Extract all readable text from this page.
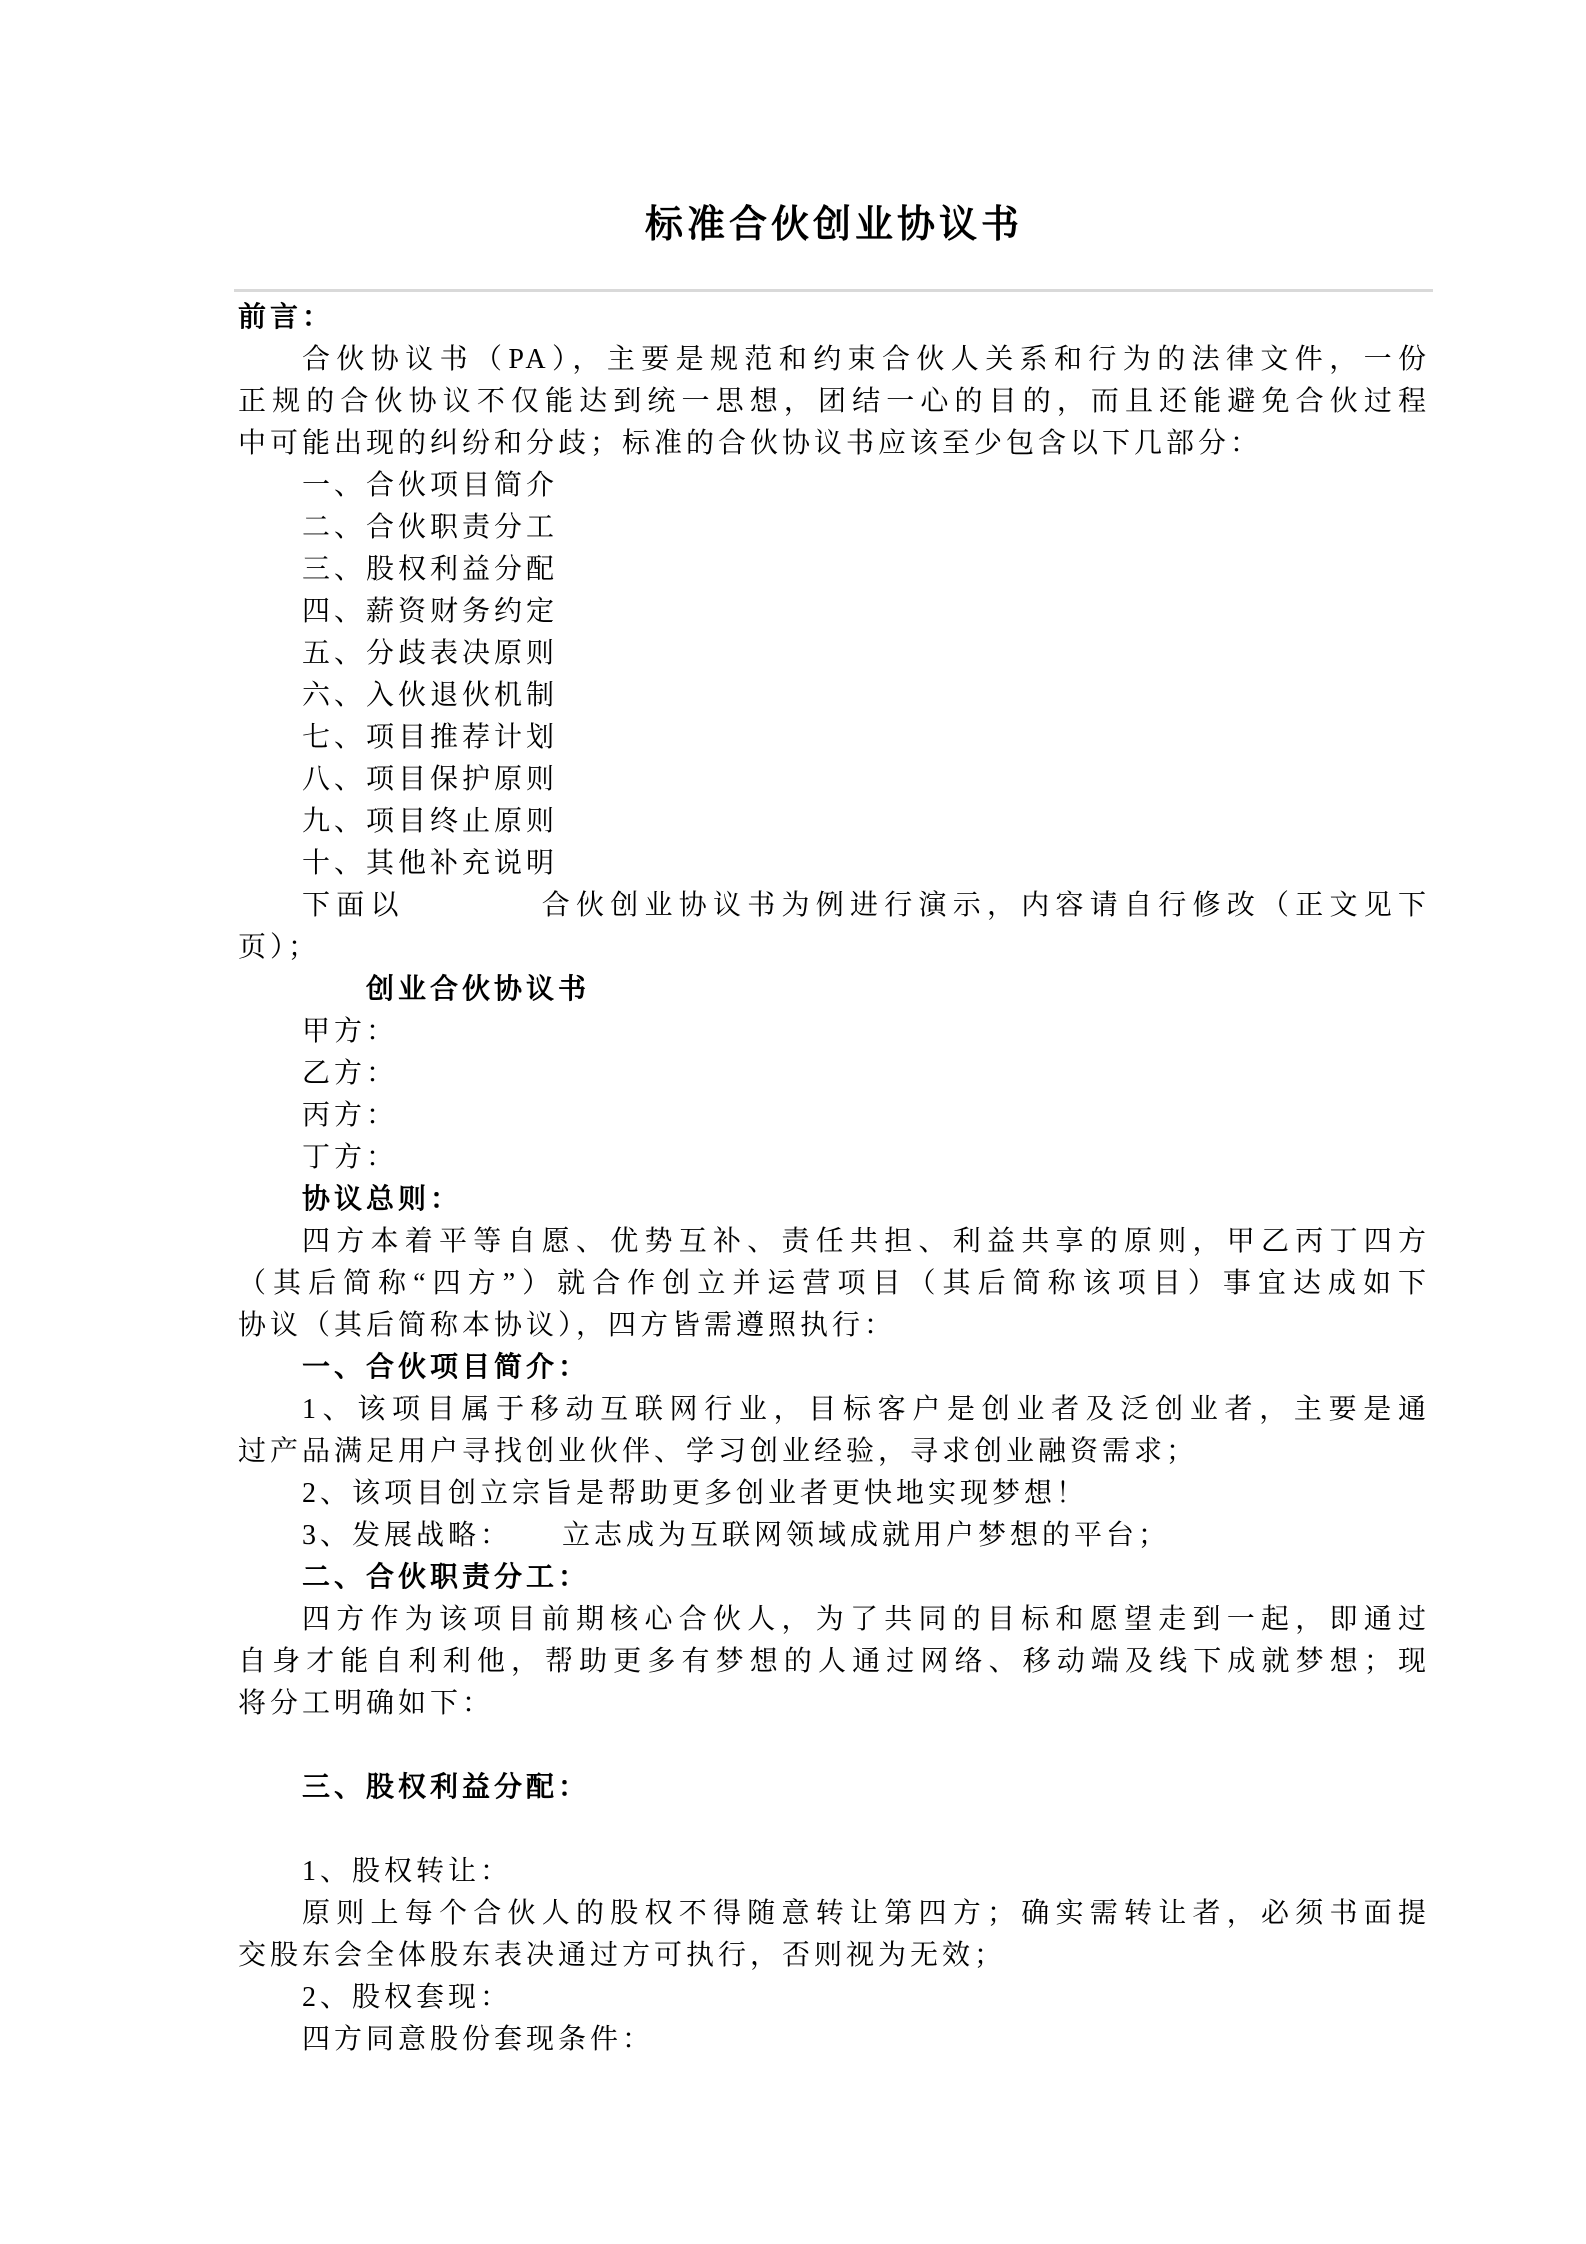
标准合伙创业协议书
前言：
合伙协议书（PA），主要是规范和约束合伙人关系和行为的法律文件，一份
正规的合伙协议不仅能达到统一思想，团结一心的目的，而且还能避免合伙过程
中可能出现的纠纷和分歧；标准的合伙协议书应该至少包含以下几部分：
一、合伙项目简介
二、合伙职责分工
三、股权利益分配
四、薪资财务约定
五、分歧表决原则
六、入伙退伙机制
七、项目推荐计划
八、项目保护原则
九、项目终止原则
十、其他补充说明
下面以　　　　合伙创业协议书为例进行演示，内容请自行修改（正文见下
页）；
创业合伙协议书
甲方：
乙方：
丙方：
丁方：
协议总则：
四方本着平等自愿、优势互补、责任共担、利益共享的原则，甲乙丙丁四方
（其后简称“四方”）就合作创立并运营项目（其后简称该项目）事宜达成如下
协议（其后简称本协议），四方皆需遵照执行：
一、合伙项目简介：
1、该项目属于移动互联网行业，目标客户是创业者及泛创业者，主要是通
过产品满足用户寻找创业伙伴、学习创业经验，寻求创业融资需求；
2、该项目创立宗旨是帮助更多创业者更快地实现梦想！
3、发展战略：　　立志成为互联网领域成就用户梦想的平台；
二、合伙职责分工：
四方作为该项目前期核心合伙人，为了共同的目标和愿望走到一起，即通过
自身才能自利利他，帮助更多有梦想的人通过网络、移动端及线下成就梦想；现
将分工明确如下：
三、股权利益分配：
1、股权转让：
原则上每个合伙人的股权不得随意转让第四方；确实需转让者，必须书面提
交股东会全体股东表决通过方可执行，否则视为无效；
2、股权套现：
四方同意股份套现条件：
